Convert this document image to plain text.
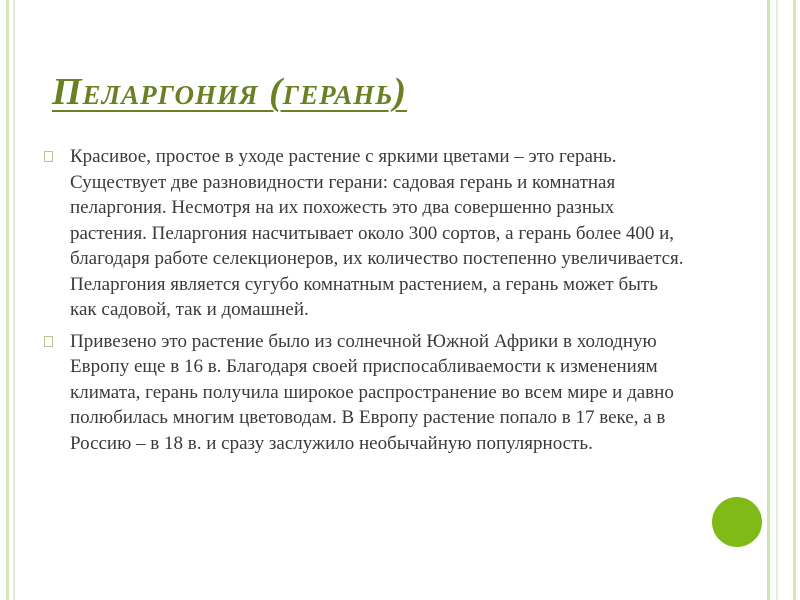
Пеларгония (герань)
Красивое, простое в уходе растение с яркими цветами – это герань. Существует две разновидности герани: садовая герань и комнатная пеларгония. Несмотря на их похожесть это два совершенно разных растения. Пеларгония насчитывает около 300 сортов, а герань более 400 и, благодаря работе селекционеров, их количество постепенно увеличивается. Пеларгония является сугубо комнатным растением, а герань может быть как садовой, так и домашней.
Привезено это растение было из солнечной Южной Африки в холодную Европу еще в 16 в. Благодаря своей приспосабливаемости к изменениям климата, герань получила широкое распространение во всем мире и давно полюбилась многим цветоводам. В Европу растение попало в 17 веке, а в Россию – в 18 в. и сразу заслужило необычайную популярность.
